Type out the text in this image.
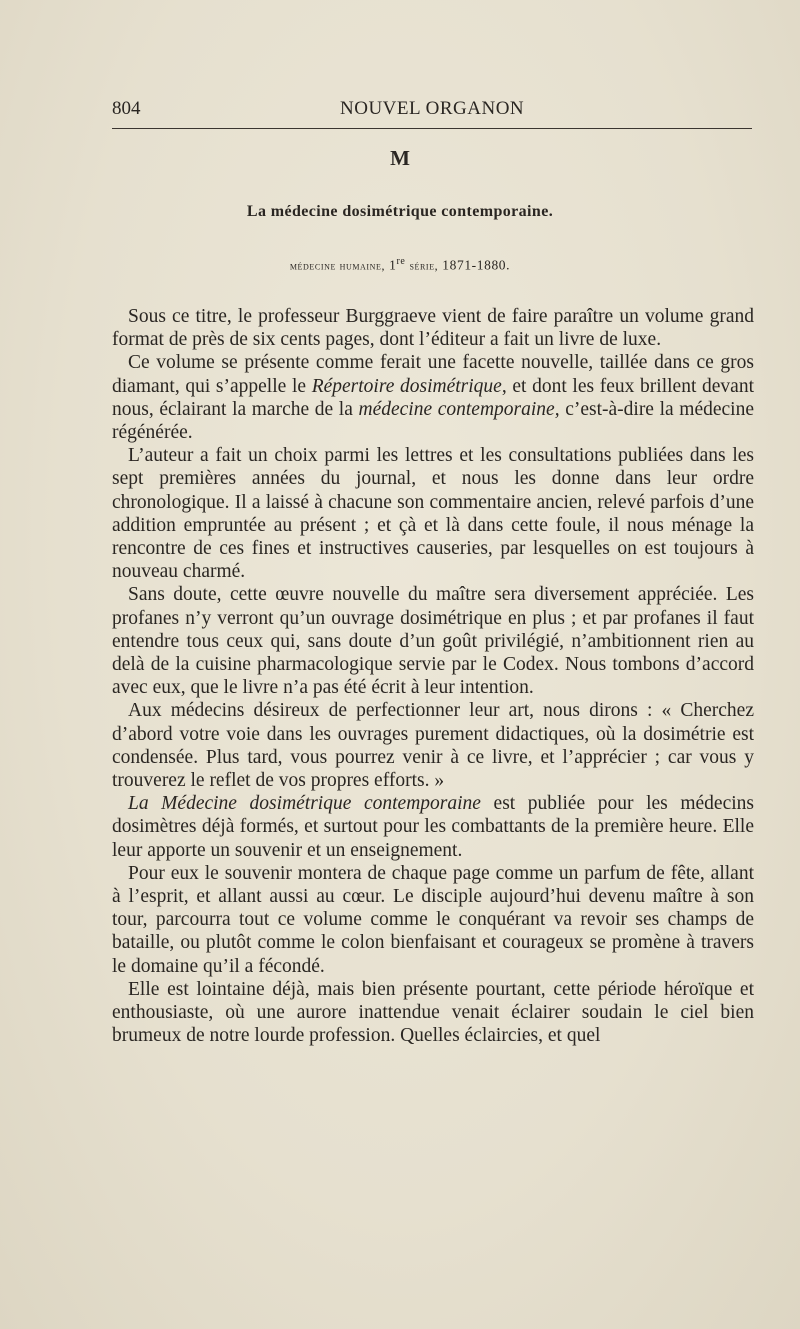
804	NOUVEL ORGANON
M
La médecine dosimétrique contemporaine.
médecine humaine, 1re série, 1871-1880.

Sous ce titre, le professeur Burggraeve vient de faire paraître un volume grand format de près de six cents pages, dont l’éditeur a fait un livre de luxe.

Ce volume se présente comme ferait une facette nouvelle, taillée dans ce gros diamant, qui s’appelle le Répertoire dosimétrique, et dont les feux brillent devant nous, éclairant la marche de la médecine contemporaine, c’est-à-dire la médecine régénérée.

L’auteur a fait un choix parmi les lettres et les consultations publiées dans les sept premières années du journal, et nous les donne dans leur ordre chronologique. Il a laissé à chacune son commentaire ancien, relevé parfois d’une addition empruntée au présent ; et çà et là dans cette foule, il nous ménage la rencontre de ces fines et instructives causeries, par lesquelles on est toujours à nouveau charmé.

Sans doute, cette œuvre nouvelle du maître sera diversement appréciée. Les profanes n’y verront qu’un ouvrage dosimétrique en plus ; et par profanes il faut entendre tous ceux qui, sans doute d’un goût privilégié, n’ambitionnent rien au delà de la cuisine pharmacologique servie par le Codex. Nous tombons d’accord avec eux, que le livre n’a pas été écrit à leur intention.

Aux médecins désireux de perfectionner leur art, nous dirons : « Cherchez d’abord votre voie dans les ouvrages purement didactiques, où la dosimétrie est condensée. Plus tard, vous pourrez venir à ce livre, et l’apprécier ; car vous y trouverez le reflet de vos propres efforts. »

La Médecine dosimétrique contemporaine est publiée pour les médecins dosimètres déjà formés, et surtout pour les combattants de la première heure. Elle leur apporte un souvenir et un enseignement.

Pour eux le souvenir montera de chaque page comme un parfum de fête, allant à l’esprit, et allant aussi au cœur. Le disciple aujourd’hui devenu maître à son tour, parcourra tout ce volume comme le conquérant va revoir ses champs de bataille, ou plutôt comme le colon bienfaisant et courageux se promène à travers le domaine qu’il a fécondé.

Elle est lointaine déjà, mais bien présente pourtant, cette période héroïque et enthousiaste, où une aurore inattendue venait éclairer soudain le ciel bien brumeux de notre lourde profession. Quelles éclaircies, et quel
